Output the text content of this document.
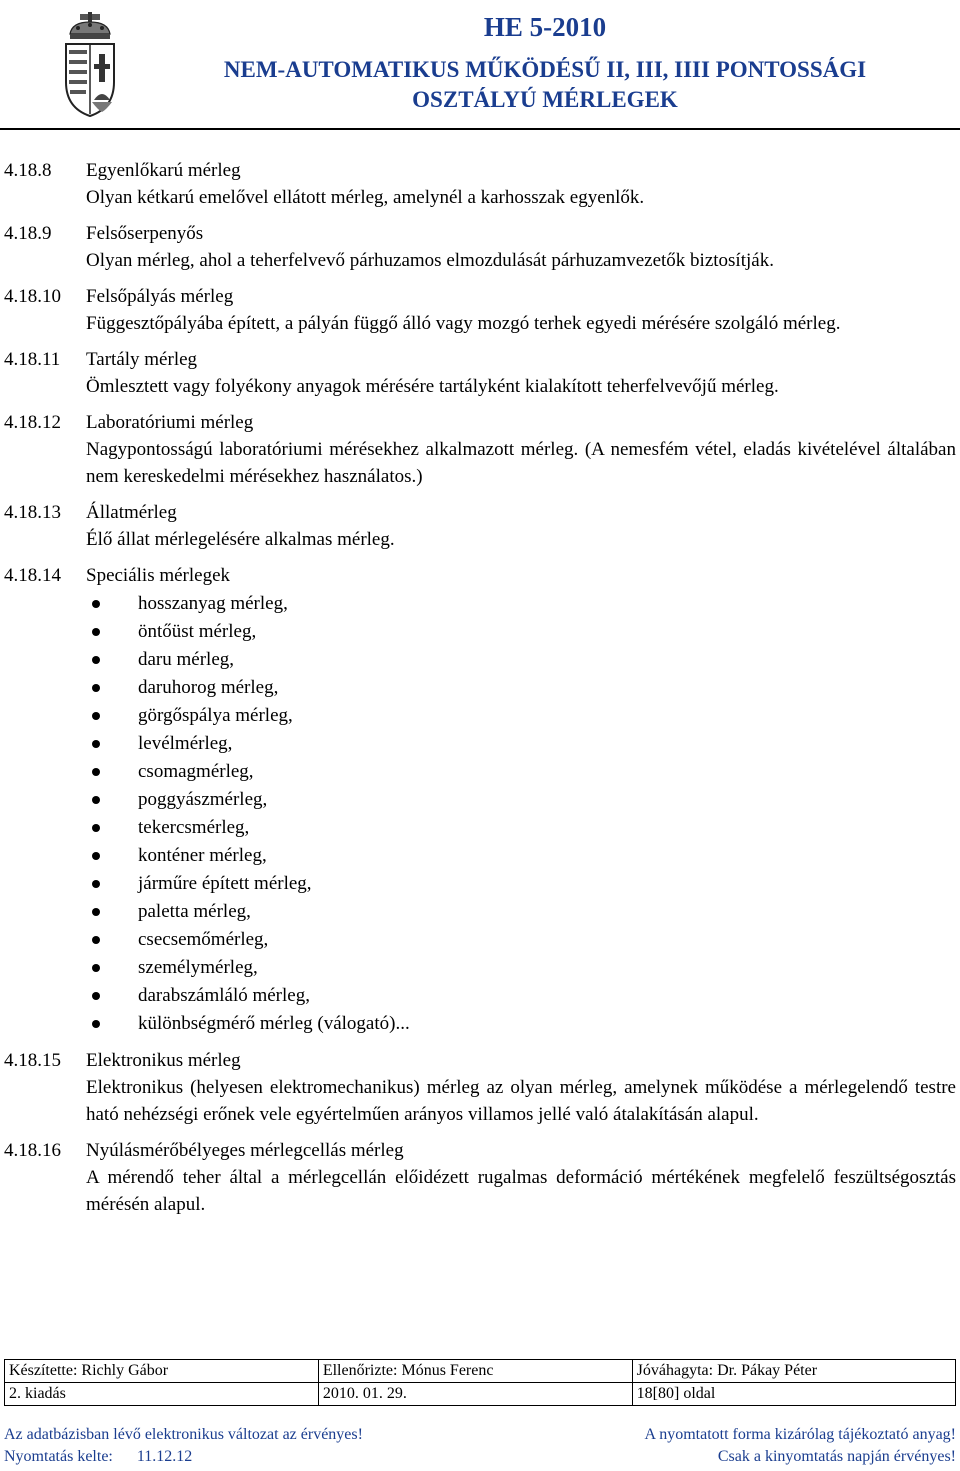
HE 5-2010
NEM-AUTOMATIKUS MŰKÖDÉSŰ II, III, IIII PONTOSSÁGI
OSZTÁLYÚ MÉRLEGEK
4.18.8 Egyenlőkarú mérleg
Olyan kétkarú emelővel ellátott mérleg, amelynél a karhosszak egyenlők.
4.18.9 Felsőserpenyős
Olyan mérleg, ahol a teherfelvevő párhuzamos elmozdulását párhuzamvezetők biztosítják.
4.18.10 Felsőpályás mérleg
Függesztőpályába épített, a pályán függő álló vagy mozgó terhek egyedi mérésére szolgáló mérleg.
4.18.11 Tartály mérleg
Ömlesztett vagy folyékony anyagok mérésére tartályként kialakított teherfelvevőjű mérleg.
4.18.12 Laboratóriumi mérleg
Nagypontosságú laboratóriumi mérésekhez alkalmazott mérleg. (A nemesfém vétel, eladás kivételével általában nem kereskedelmi mérésekhez használatos.)
4.18.13 Állatmérleg
Élő állat mérlegelésére alkalmas mérleg.
4.18.14 Speciális mérlegek
hosszanyag mérleg,
öntőüst mérleg,
daru mérleg,
daruhorog mérleg,
görgőspálya mérleg,
levélmérleg,
csomagmérleg,
poggyászmérleg,
tekercsmérleg,
konténer mérleg,
járműre épített mérleg,
paletta mérleg,
csecsemőmérleg,
személymérleg,
darabszámláló mérleg,
különbségmérő mérleg (válogató)...
4.18.15 Elektronikus mérleg
Elektronikus (helyesen elektromechanikus) mérleg az olyan mérleg, amelynek működése a mérlegelendő testre ható nehézségi erőnek vele egyértelműen arányos villamos jellé való átalakításán alapul.
4.18.16 Nyúlásmérőbélyeges mérlegcellás mérleg
A mérendő teher által a mérlegcellán előidézett rugalmas deformáció mértékének megfelelő feszültségosztás mérésén alapul.
Készítette: Richly Gábor	Ellenőrizte: Mónus Ferenc	Jóváhagyta: Dr. Pákay Péter
2. kiadás	2010. 01. 29.	18[80] oldal
Az adatbázisban lévő elektronikus változat az érvényes!	A nyomtatott forma kizárólag tájékoztató anyag!
Nyomtatás kelte:      11.12.12	Csak a kinyomtatás napján érvényes!
